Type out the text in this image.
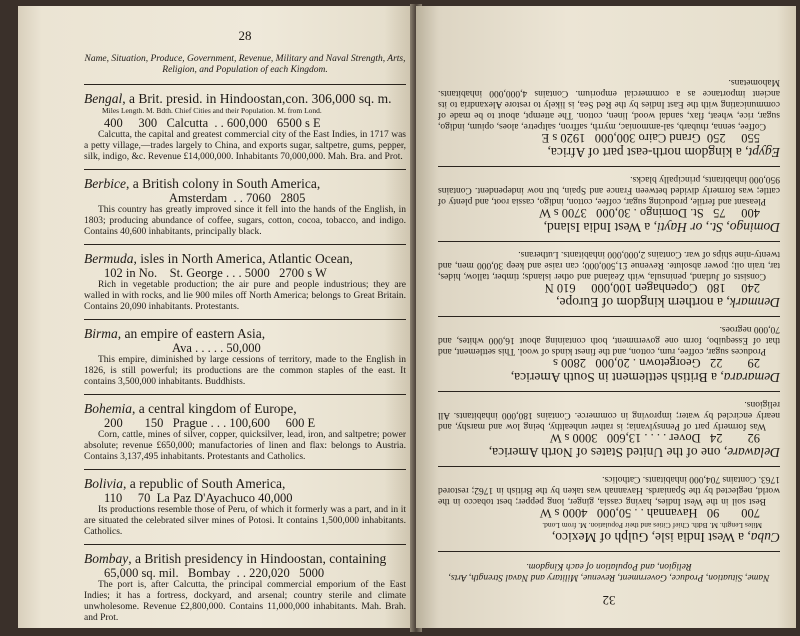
28
Name, Situation, Produce, Government, Revenue, Military and Naval Strength, Arts, Religion, and Population of each Kingdom.
Bengal, a Brit. presid. in Hindoostan,con. 306,000 sq. m.
Miles Length. M. Bdth. Chief Cities and their Population. M. from Lond.
400     300   Calcutta  . . 600,000   6500 s E
Calcutta, the capital and greatest commercial city of the East Indies, in 1717 was a petty village,—trades largely to China, and exports sugar, saltpetre, gums, pepper, silk, indigo, &c. Revenue £14,000,000. Inhabitants 70,000,000. Mah. Bra. and Prot.
Berbice, a British colony in South America,
Amsterdam  . . 7060   2805
This country has greatly improved since it fell into the hands of the English, in 1803; producing abundance of coffee, sugars, cotton, cocoa, tobacco, and indigo. Contains 40,600 inhabitants, principally black.
Bermuda, isles in North America, Atlantic Ocean,
102 in No.    St. George . . . 5000   2700 s W
Rich in vegetable production; the air pure and people industrious; they are walled in with rocks, and lie 900 miles off North America; belongs to Great Britain. Contains 20,090 inhabitants. Protestants.
Birma, an empire of eastern Asia,
Ava . . . . . 50,000
This empire, diminished by large cessions of territory, made to the English in 1826, is still powerful; its productions are the common staples of the east. It contains 3,500,000 inhabitants. Buddhists.
Bohemia, a central kingdom of Europe,
200       150   Prague . . . 100,600     600 E
Corn, cattle, mines of silver, copper, quicksilver, lead, iron, and saltpetre; power absolute; revenue £650,000; manufactories of linen and flax: belongs to Austria. Contains 3,137,495 inhabitants. Protestants and Catholics.
Bolivia, a republic of South America,
110     70  La Paz D'Ayachuco 40,000
Its productions resemble those of Peru, of which it formerly was a part, and in it are situated the celebrated silver mines of Potosi. It contains 1,500,000 inhabitants. Catholics.
Bombay, a British presidency in Hindoostan, containing
65,000 sq. mil.   Bombay  . . 220,020   5000
The port is, after Calcutta, the principal commercial emporium of the East Indies; it has a fortress, dockyard, and arsenal; country sterile and climate unwholesome. Revenue £2,800,000. Contains 11,000,000 inhabitants. Mah. Brah. and Prot.
32
Name, Situation, Produce, Government, Revenue, Military and Naval Strength, Arts, Religion, and Population of each Kingdom.
Cuba, a West India isle, Gulph of Mexico,
Miles Length. M. Bdth. Chief Cities and their Population. M. from Lond.
700       90   Havannah . . 50,000   4000 s W
Best soil in the West Indies, having cassia, ginger, long pepper; best tobacco in the world, neglected by the Spaniards. Havannah was taken by the British in 1762; restored 1763. Contains 704,000 inhabitants. Catholics.
Delaware, one of the United States of North America,
92        24   Dover . . . . 13,600   3000 s W
Was formerly part of Pennsylvania; is rather unhealthy, being low and marshy, and nearly encircled by water; improving in commerce. Contains 180,000 inhabitants. All religions.
Demarara, a British settlement in South America,
29        22   Georgetown . 20,000   2800 s
Produces sugar, coffee, rum, cotton, and the finest kinds of wool. This settlement, and that of Essequibo, form one government, both containing about 16,000 whites, and 70,000 negroes.
Denmark, a northern kingdom of Europe,
240     180   Copenhagen 100,000     610 N
Consists of Jutland, peninsula, with Zealand and other islands; timber, tallow, hides, tar, train oil; power absolute. Revenue £1,500,000; can raise and keep 30,000 men, and twenty-nine ships of war. Contains 2,000,000 inhabitants. Lutherans.
Domingo, St., or Hayti, a West India Island,
400     75   St. Domingo . 30,000   3700 s W
Pleasant and fertile, producing sugar, coffee, cotton, indigo, cassia root, and plenty of cattle; was formerly divided between France and Spain, but now independent. Contains 950,000 inhabitants, principally blacks.
Egypt, a kingdom north-east part of Africa,
550     250  Grand Cairo 300,000   1920 s E
Coffee, senna, rhubarb, sal-ammoniac, myrrh, saffron, saltpetre, aloes, opium, indigo, sugar, rice, wheat, flax, sandal wood, linen, cotton. The attempt, about to be made of communicating with the East Indies by the Red Sea, is likely to restore Alexandria to its ancient importance as a commercial emporium. Contains 4,000,000 inhabitants. Mahometans.
